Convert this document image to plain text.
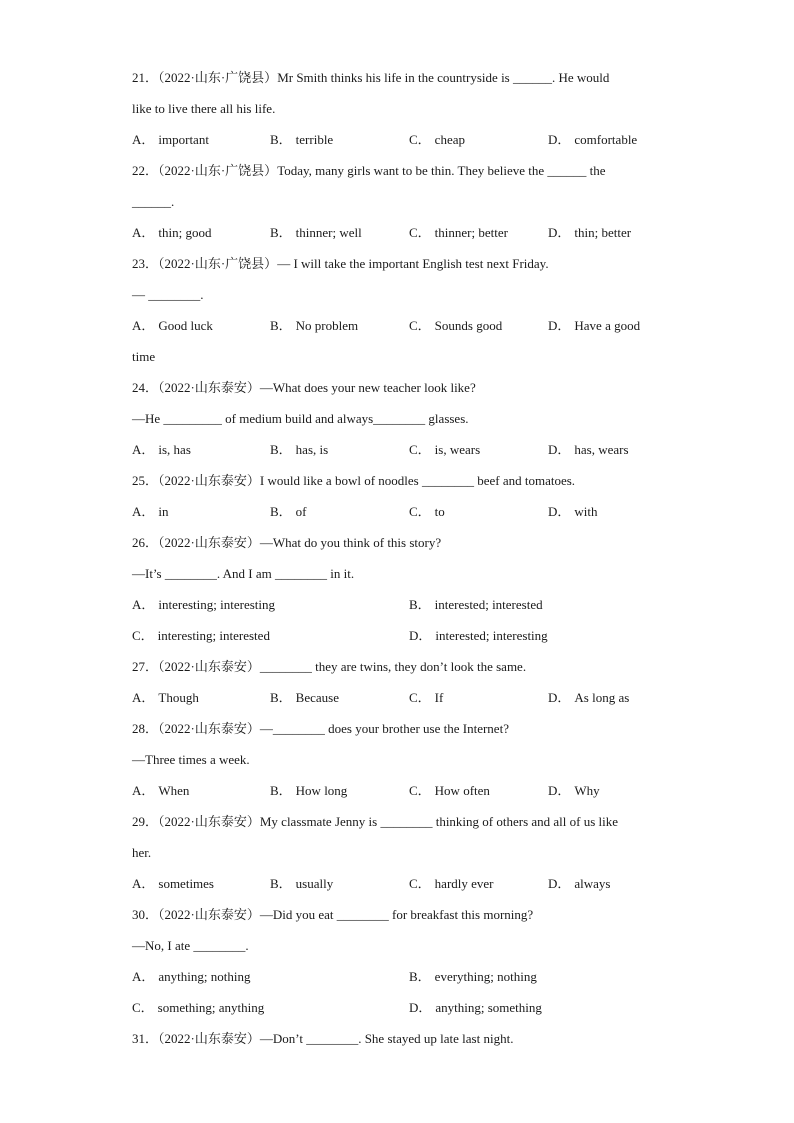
21．（2022·山东·广饶县）Mr Smith thinks his life in the countryside is ______. He would
like to live there all his life.
A． important	B． terrible	C． cheap	D． comfortable
22．（2022·山东·广饶县）Today, many girls want to be thin. They believe the ______ the
______.
A． thin; good	B． thinner; well	C． thinner; better	D． thin; better
23．（2022·山东·广饶县）— I will take the important English test next Friday.
— ________.
A． Good luck	B． No problem	C． Sounds good	D． Have a good
time
24．（2022·山东泰安）—What does your new teacher look like?
—He _________ of medium build and always________ glasses.
A． is, has	B． has, is	C． is, wears	D． has, wears
25．（2022·山东泰安）I would like a bowl of noodles ________ beef and tomatoes.
A． in	B． of	C． to	D． with
26．（2022·山东泰安）—What do you think of this story?
—It’s ________. And I am ________ in it.
A． interesting; interesting	B． interested; interested
C． interesting; interested	D． interested; interesting
27．（2022·山东泰安）________ they are twins, they don’t look the same.
A． Though	B． Because	C． If	D． As long as
28．（2022·山东泰安）—________ does your brother use the Internet?
—Three times a week.
A． When	B． How long	C． How often	D． Why
29．（2022·山东泰安）My classmate Jenny is ________ thinking of others and all of us like
her.
A． sometimes	B． usually	C． hardly ever	D． always
30．（2022·山东泰安）—Did you eat ________ for breakfast this morning?
—No, I ate ________.
A． anything; nothing	B． everything; nothing
C． something; anything	D． anything; something
31．（2022·山东泰安）—Don’t ________. She stayed up late last night.
